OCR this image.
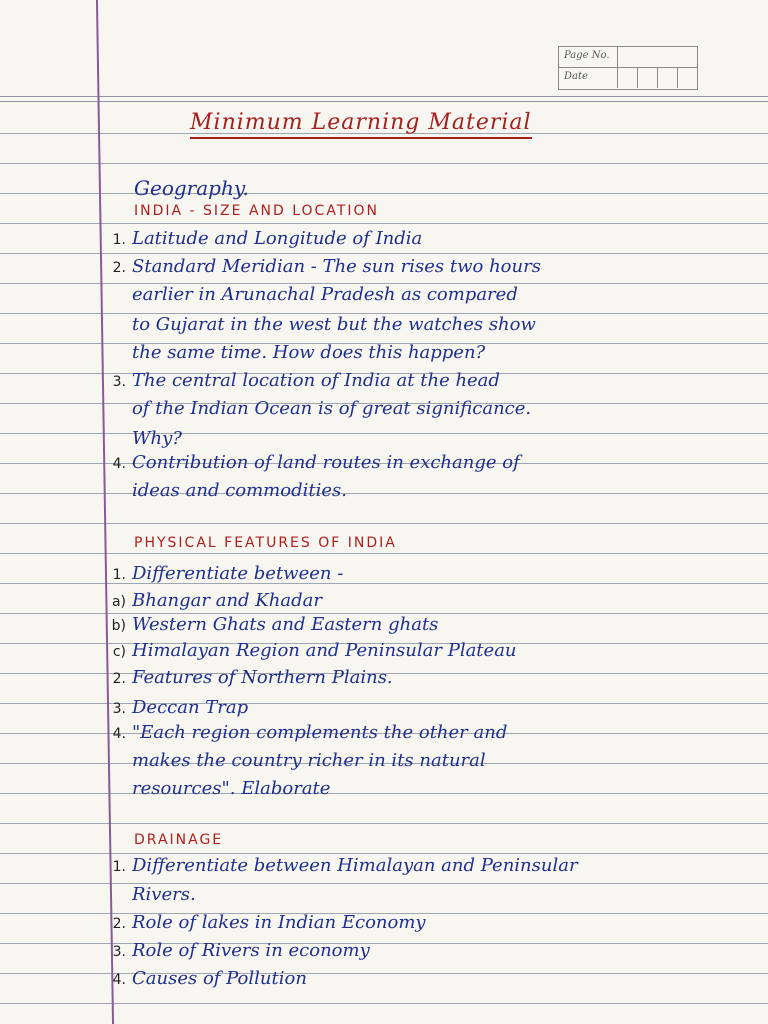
Page No.
Date
Minimum Learning Material
Geography.
INDIA - SIZE AND LOCATION
1. Latitude and Longitude of India
2. Standard Meridian - The sun rises two hours
earlier in Arunachal Pradesh as compared
to Gujarat in the west but the watches show
the same time. How does this happen?
3. The central location of India at the head
of the Indian Ocean is of great significance.
Why?
4. Contribution of land routes in exchange of
ideas and commodities.
PHYSICAL FEATURES OF INDIA
1. Differentiate between -
a) Bhangar and Khadar
b) Western Ghats and Eastern ghats
c) Himalayan Region and Peninsular Plateau
2. Features of Northern Plains.
3. Deccan Trap
4. "Each region complements the other and
makes the country richer in its natural
resources". Elaborate
DRAINAGE
1. Differentiate between Himalayan and Peninsular
Rivers.
2. Role of lakes in Indian Economy
3. Role of Rivers in economy
4. Causes of Pollution
